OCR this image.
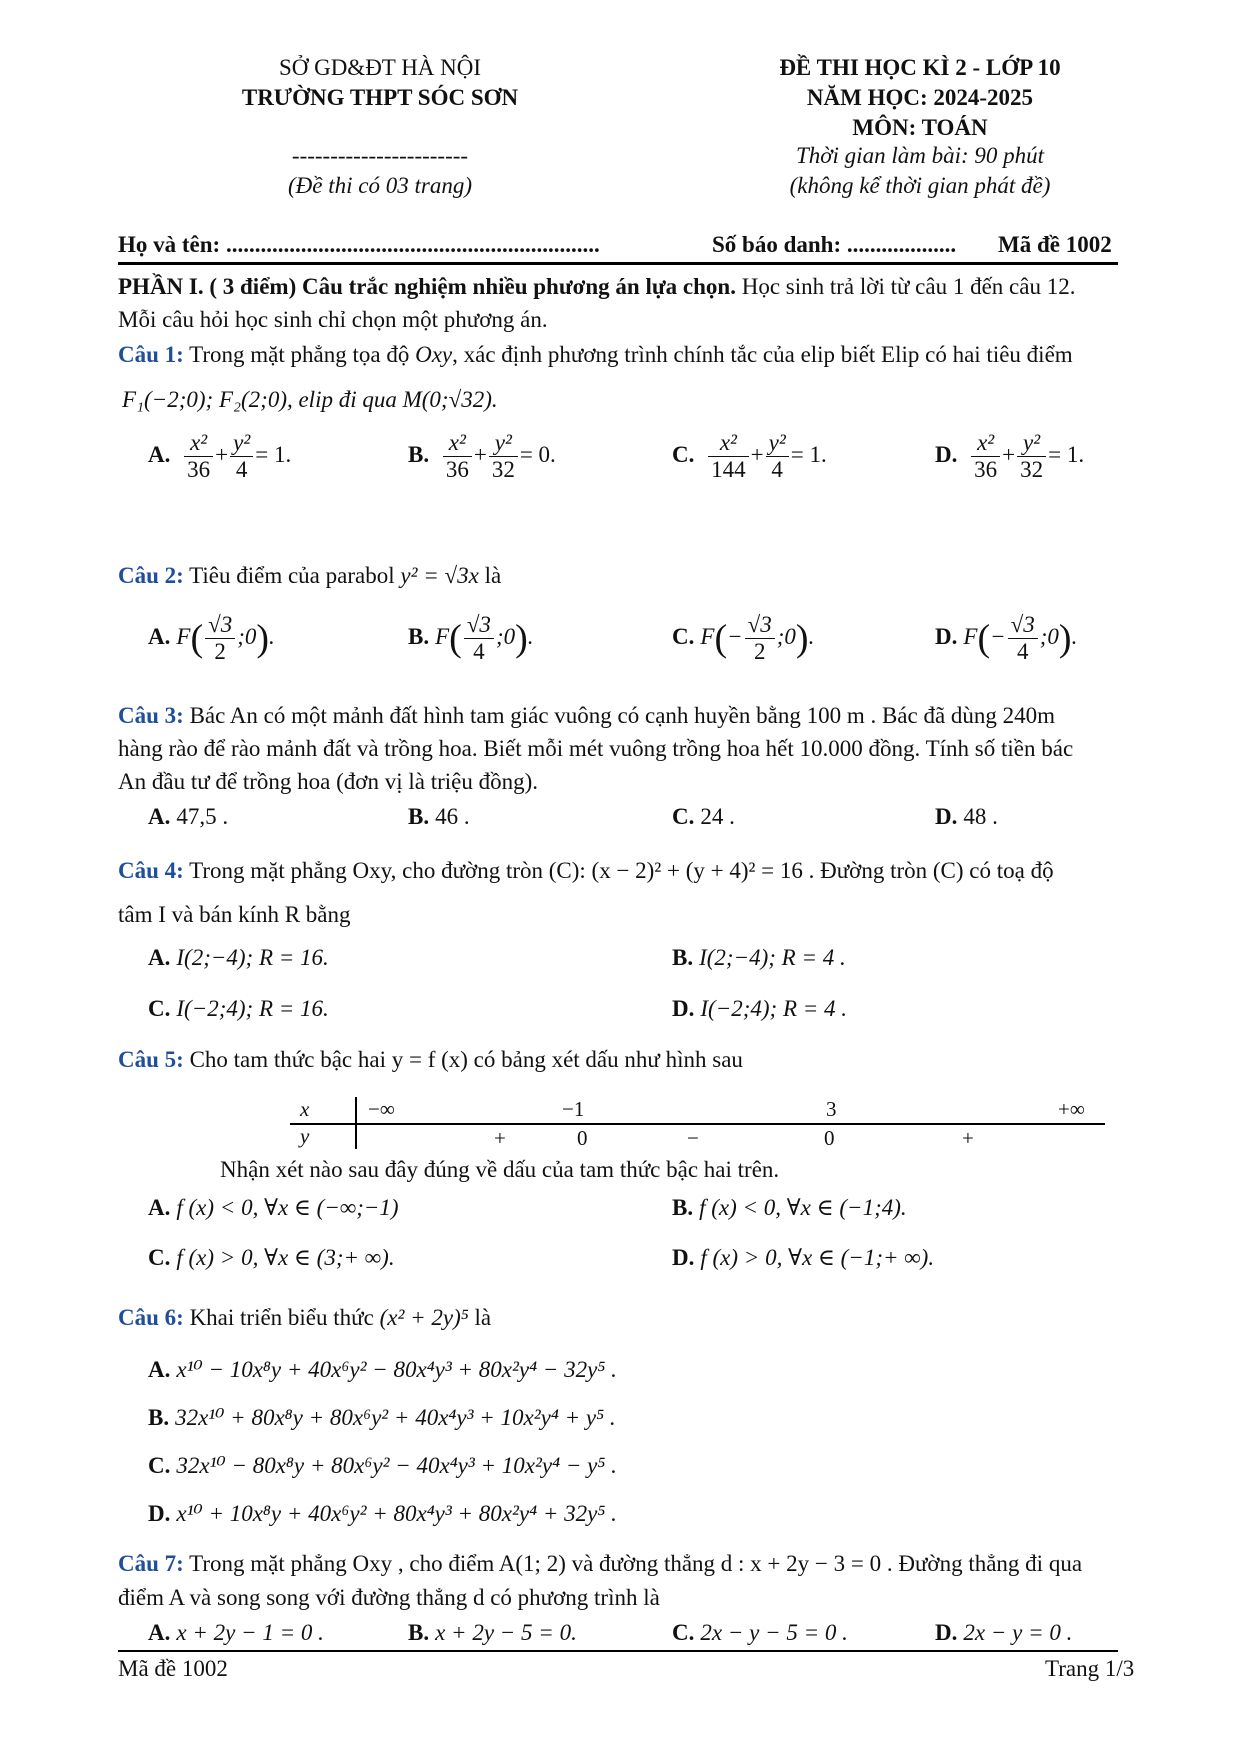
SỞ GD&ĐT HÀ NỘI
TRƯỜNG THPT SÓC SƠN
-----------------------
(Đề thi có 03 trang)
ĐỀ THI HỌC KÌ 2 - LỚP 10
NĂM HỌC: 2024-2025
MÔN: TOÁN
Thời gian làm bài: 90 phút
(không kể thời gian phát đề)
Họ và tên: .................................................................	Số báo danh: ................... Mã đề 1002
PHẦN I. ( 3 điểm) Câu trắc nghiệm nhiều phương án lựa chọn. Học sinh trả lời từ câu 1 đến câu 12.
Mỗi câu hỏi học sinh chỉ chọn một phương án.
Câu 1: Trong mặt phẳng tọa độ Oxy, xác định phương trình chính tắc của elip biết Elip có hai tiêu điểm
F₁(−2;0); F₂(2;0), elip đi qua M(0;√32).
A. $\frac{\text{x²}}{36} + \frac{\text{y²}}{4} = 1$.	B. $\frac{\text{x²}}{36} + \frac{\text{y²}}{32} = 0$.	C. $\frac{\text{x²}}{144} + \frac{\text{y²}}{4} = 1$.	D. $\frac{\text{x²}}{36} + \frac{\text{y²}}{32} = 1$.
Câu 2: Tiêu điểm của parabol y² = √3x là
A. $F( \frac{√3}{2}$ ;0).	B. $F( \frac{√3}{4}$ ;0).	C. $F(- \frac{√3}{2}$ ;0).	D. $F(- \frac{√3}{4}$ ;0).
Câu 3: Bác An có một mảnh đất hình tam giác vuông có cạnh huyền bằng 100 m . Bác đã dùng 240m
hàng rào để rào mảnh đất và trồng hoa. Biết mỗi mét vuông trồng hoa hết 10.000 đồng. Tính số tiền bác
An đầu tư để trồng hoa (đơn vị là triệu đồng).
A. 47,5 .	B. 46 .	C. 24 .	D. 48 .
Câu 4: Trong mặt phẳng Oxy, cho đường tròn (C): (x − 2)² + (y + 4)² = 16 . Đường tròn (C) có toạ độ
tâm I và bán kính R bằng
A. I(2;−4); R = 16.	B. I(2;−4); R = 4 .
C. I(−2;4); R = 16.	D. I(−2;4); R = 4 .
Câu 5: Cho tam thức bậc hai y = f (x) có bảng xét dấu như hình sau
x
y
−∞	−1	3	+∞
+	0	−	0	+
Nhận xét nào sau đây đúng về dấu của tam thức bậc hai trên.
A. f (x) < 0, ∀x ∈ (−∞;−1)	B. f (x) < 0, ∀x ∈ (−1;4).
C. f (x) > 0, ∀x ∈ (3;+ ∞).	D. f (x) > 0, ∀x ∈ (−1;+ ∞).
Câu 6: Khai triển biểu thức (x² + 2y)⁵ là
A. x¹⁰ − 10x⁸y + 40x⁶y² − 80x⁴y³ + 80x²y⁴ − 32y⁵ .
B. 32x¹⁰ + 80x⁸y + 80x⁶y² + 40x⁴y³ + 10x²y⁴ + y⁵ .
C. 32x¹⁰ − 80x⁸y + 80x⁶y² − 40x⁴y³ + 10x²y⁴ − y⁵ .
D. x¹⁰ + 10x⁸y + 40x⁶y² + 80x⁴y³ + 80x²y⁴ + 32y⁵ .
Câu 7: Trong mặt phẳng Oxy , cho điểm A(1; 2) và đường thẳng d : x + 2y − 3 = 0 . Đường thẳng đi qua
điểm A và song song với đường thẳng d có phương trình là
A. x + 2y − 1 = 0 .	B. x + 2y − 5 = 0.	C. 2x − y − 5 = 0 .	D. 2x − y = 0 .
Mã đề 1002	Trang 1/3
